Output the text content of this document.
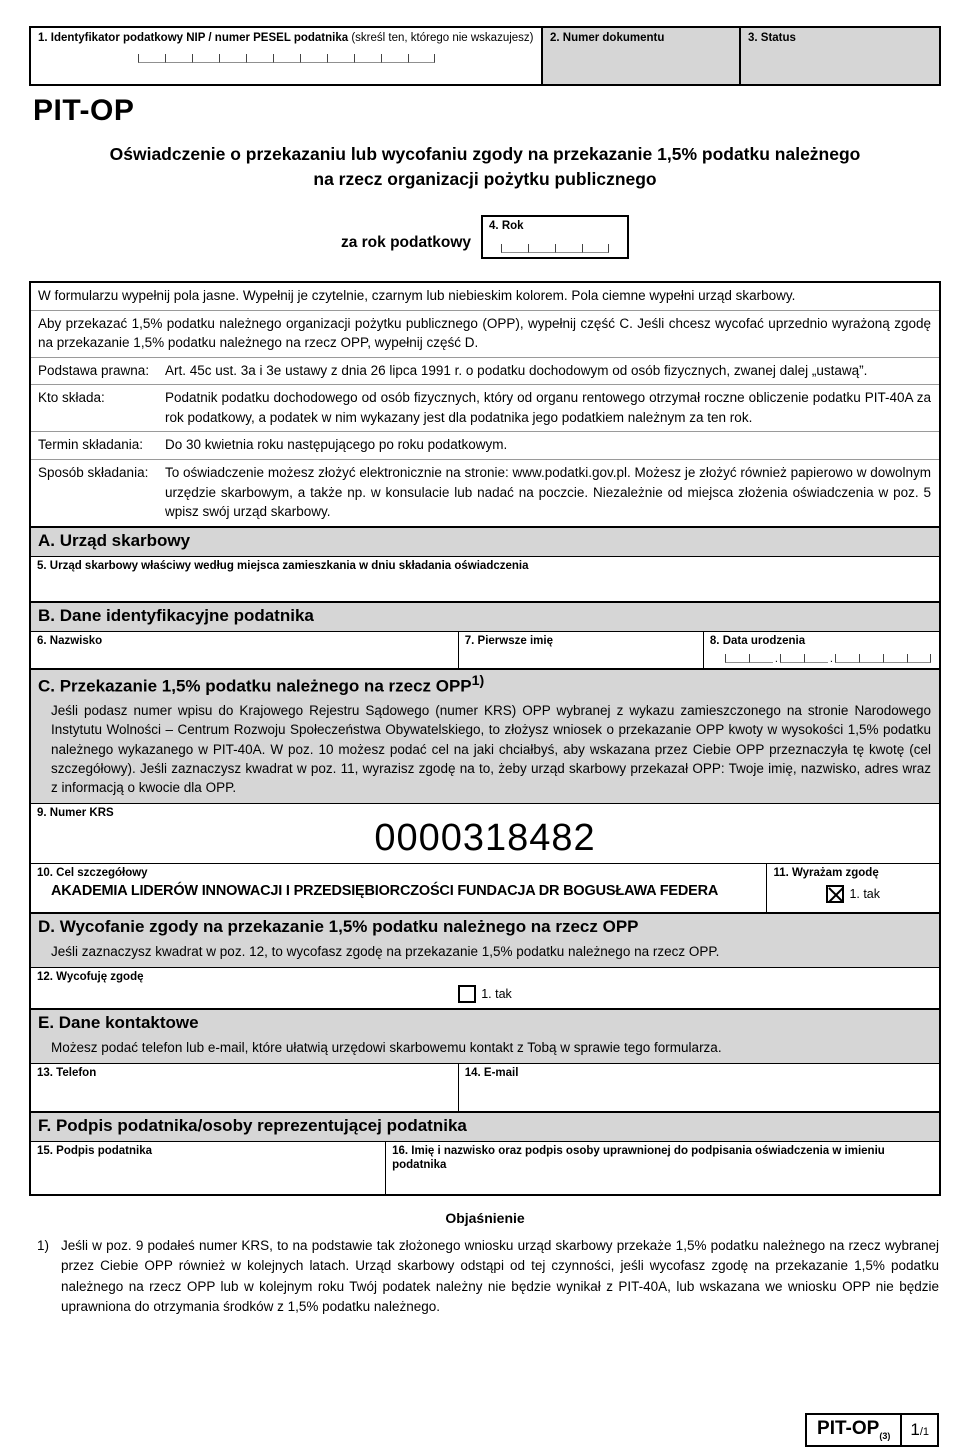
1. Identyfikator podatkowy NIP / numer PESEL podatnika (skreśl ten, którego nie wskazujesz) 2. Numer dokumentu	3. Status
PIT-OP
Oświadczenie o przekazaniu lub wycofaniu zgody na przekazanie 1,5% podatku należnego
na rzecz organizacji pożytku publicznego
za rok podatkowy
4. Rok
W formularzu wypełnij pola jasne. Wypełnij je czytelnie, czarnym lub niebieskim kolorem. Pola ciemne wypełni urząd skarbowy.
Aby przekazać 1,5% podatku należnego organizacji pożytku publicznego (OPP), wypełnij część C. Jeśli chcesz wycofać uprzednio wyrażoną zgodę na przekazanie 1,5% podatku należnego na rzecz OPP, wypełnij część D.
Podstawa prawna:	Art. 45c ust. 3a i 3e ustawy z dnia 26 lipca 1991 r. o podatku dochodowym od osób fizycznych, zwanej dalej „ustawą”.
Kto składa:	Podatnik podatku dochodowego od osób fizycznych, który od organu rentowego otrzymał roczne obliczenie podatku PIT-40A za rok podatkowy, a podatek w nim wykazany jest dla podatnika jego podatkiem należnym za ten rok.
Termin składania:	Do 30 kwietnia roku następującego po roku podatkowym.
Sposób składania:	To oświadczenie możesz złożyć elektronicznie na stronie: www.podatki.gov.pl. Możesz je złożyć również papierowo w dowolnym urzędzie skarbowym, a także np. w konsulacie lub nadać na poczcie. Niezależnie od miejsca złożenia oświadczenia w poz. 5 wpisz swój urząd skarbowy.
A. Urząd skarbowy
5. Urząd skarbowy właściwy według miejsca zamieszkania w dniu składania oświadczenia
B. Dane identyfikacyjne podatnika
6. Nazwisko	7. Pierwsze imię	8. Data urodzenia
.	.
C. Przekazanie 1,5% podatku należnego na rzecz OPP$^{1)}$
Jeśli podasz numer wpisu do Krajowego Rejestru Sądowego (numer KRS) OPP wybranej z wykazu zamieszczonego na stronie Narodowego Instytutu Wolności – Centrum Rozwoju Społeczeństwa Obywatelskiego, to złożysz wniosek o przekazanie OPP kwoty w wysokości 1,5% podatku należnego wykazanego w PIT-40A. W poz. 10 możesz podać cel na jaki chciałbyś, aby wskazana przez Ciebie OPP przeznaczyła tę kwotę (cel szczegółowy). Jeśli zaznaczysz kwadrat w poz. 11, wyrazisz zgodę na to, żeby urząd skarbowy przekazał OPP: Twoje imię, nazwisko, adres wraz z informacją o kwocie dla OPP.
9. Numer KRS
0000318482
10. Cel szczegółowy
AKADEMIA LIDERÓW INNOWACJI I PRZEDSIĘBIORCZOŚCI FUNDACJA DR BOGUSŁAWA FEDERA
11. Wyrażam zgodę
1. tak
D. Wycofanie zgody na przekazanie 1,5% podatku należnego na rzecz OPP
Jeśli zaznaczysz kwadrat w poz. 12, to wycofasz zgodę na przekazanie 1,5% podatku należnego na rzecz OPP.
12. Wycofuję zgodę
1. tak
E. Dane kontaktowe
Możesz podać telefon lub e-mail, które ułatwią urzędowi skarbowemu kontakt z Tobą w sprawie tego formularza.
13. Telefon	14. E-mail
F. Podpis podatnika/osoby reprezentującej podatnika
15. Podpis podatnika	16. Imię i nazwisko oraz podpis osoby uprawnionej do podpisania oświadczenia w imieniu podatnika
Objaśnienie
1) Jeśli w poz. 9 podałeś numer KRS, to na podstawie tak złożonego wniosku urząd skarbowy przekaże 1,5% podatku należnego na rzecz wybranej przez Ciebie OPP również w kolejnych latach. Urząd skarbowy odstąpi od tej czynności, jeśli wycofasz zgodę na przekazanie 1,5% podatku należnego na rzecz OPP lub w kolejnym roku Twój podatek należny nie będzie wynikał z PIT-40A, lub wskazana we wniosku OPP nie będzie uprawniona do otrzymania środków z 1,5% podatku należnego.
PIT-$OP_{(3)}$	1 /1
